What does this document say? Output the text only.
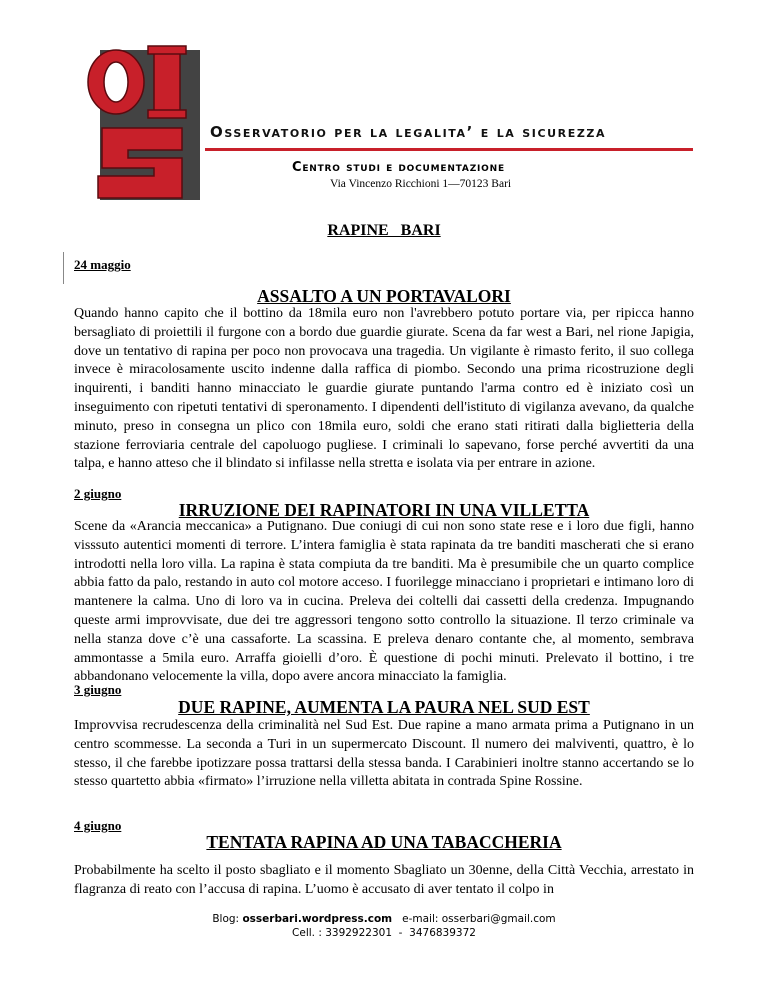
Osservatorio per la legalita’ e la sicurezza
Centro studi e documentazione
Via Vincenzo Ricchioni 1—70123 Bari
RAPINE   BARI
24 maggio
ASSALTO A UN PORTAVALORI
Quando hanno capito che il bottino da 18mila euro non l'avrebbero potuto portare via, per ripicca hanno bersagliato di proiettili il furgone con a bordo due guardie giurate. Scena da far west a Bari, nel rione Japigia, dove un tentativo di rapina per poco non provocava una tragedia. Un vigilante è rimasto ferito, il suo collega invece è miracolosamente uscito indenne dalla raffica di piombo. Secondo una prima ricostruzione degli inquirenti, i banditi hanno minacciato le guardie giurate puntando l'arma contro ed è iniziato così un inseguimento con ripetuti tentativi di speronamento. I dipendenti dell'istituto di vigilanza avevano, da qualche minuto, preso in consegna un plico con 18mila euro, soldi che erano stati ritirati dalla biglietteria della stazione ferroviaria centrale del capoluogo pugliese. I criminali lo sapevano, forse perché avvertiti da una talpa, e hanno atteso che il blindato si infilasse nella stretta e isolata via per entrare in azione.
2 giugno
IRRUZIONE DEI RAPINATORI IN UNA VILLETTA
Scene da «Arancia meccanica» a Putignano. Due coniugi di cui non sono state rese e i loro due figli, hanno visssuto autentici momenti di terrore. L’intera famiglia è stata rapinata da tre banditi mascherati che si erano introdotti nella loro villa. La rapina è stata compiuta da tre banditi. Ma è presumibile che un quarto complice abbia fatto da palo, restando in auto col motore acceso. I fuorilegge minacciano i proprietari e intimano loro di mantenere la calma. Uno di loro va in cucina. Preleva dei coltelli dai cassetti della credenza. Impugnando queste armi improvvisate, due dei tre aggressori tengono sotto controllo la situazione. Il terzo criminale va nella stanza dove c’è una cassaforte. La scassina. E preleva denaro contante che, al momento, sembrava ammontasse a 5mila euro. Arraffa gioielli d’oro. È questione di pochi minuti. Prelevato il bottino, i tre abbandonano velocemente la villa, dopo avere ancora minacciato la famiglia.
3 giugno
DUE RAPINE, AUMENTA LA PAURA NEL SUD EST
Improvvisa recrudescenza della criminalità nel Sud Est. Due rapine a mano armata prima a Putignano in un centro scommesse. La seconda a Turi in un supermercato Discount. Il numero dei malviventi, quattro, è lo stesso, il che farebbe ipotizzare possa trattarsi della stessa banda. I Carabinieri inoltre stanno accertando se lo stesso quartetto abbia «firmato» l’irruzione nella villetta abitata in contrada Spine Rossine.
4 giugno
TENTATA RAPINA AD UNA TABACCHERIA
Probabilmente ha scelto il posto sbagliato e il momento Sbagliato un 30enne, della Città Vecchia, arrestato in flagranza di reato con l’accusa di rapina. L’uomo è accusato di aver tentato il colpo in
Blog: osserbari.wordpress.com e-mail: osserbari@gmail.com
Cell. : 3392922301  -  3476839372
